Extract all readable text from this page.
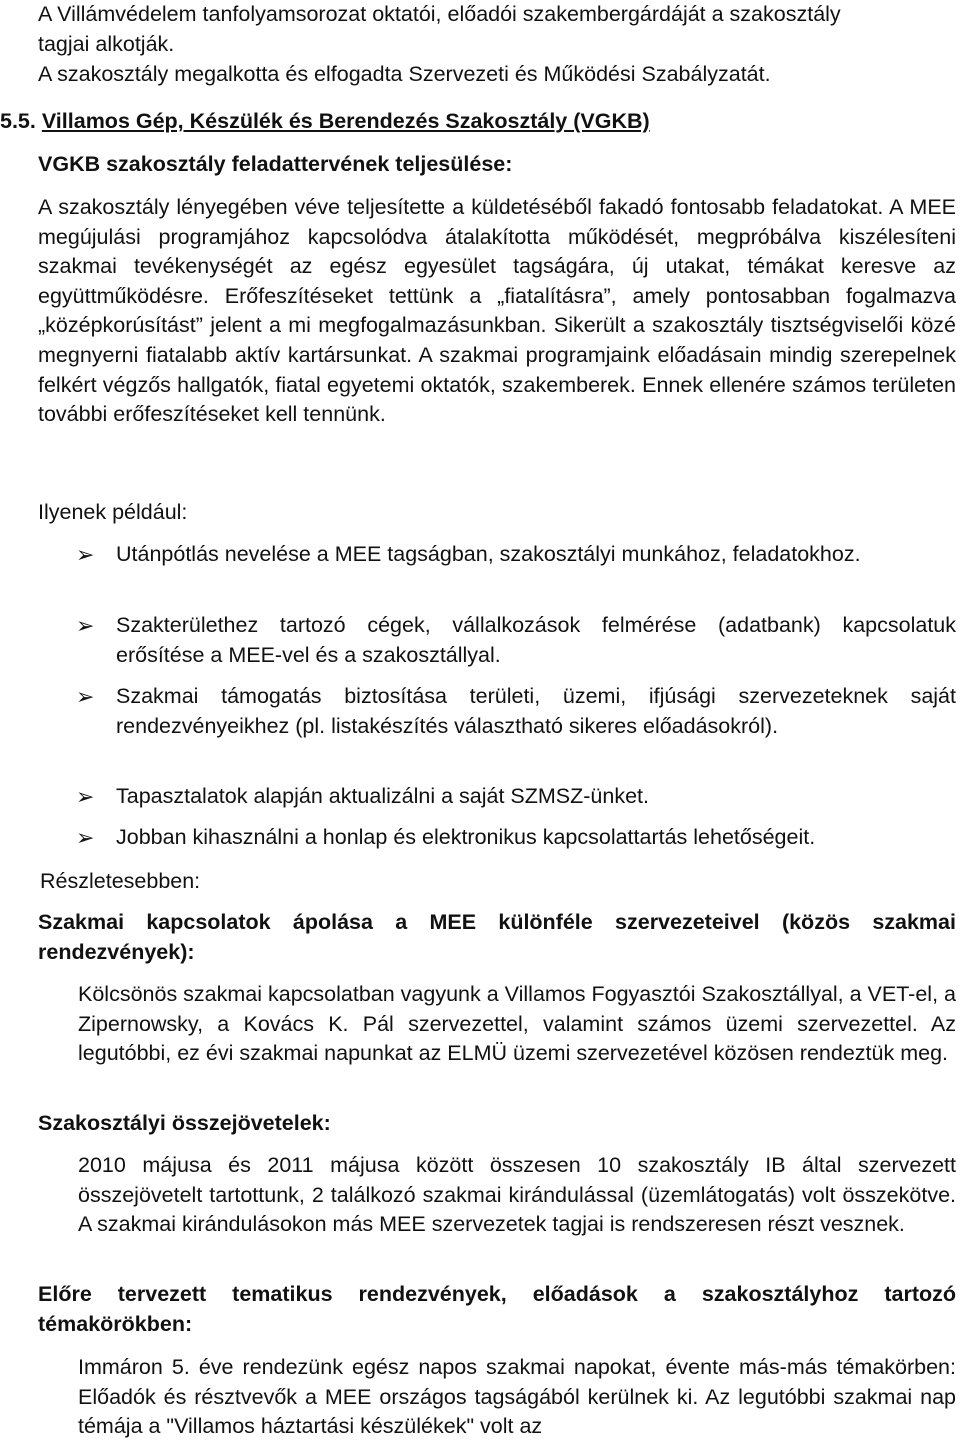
A Villámvédelem tanfolyamsorozat oktatói, előadói szakembergárdáját a szakosztály tagjai alkotják.

A szakosztály megalkotta és elfogadta Szervezeti és Működési Szabályzatát.

5.5. Villamos Gép, Készülék és Berendezés Szakosztály (VGKB)

VGKB szakosztály feladattervének teljesülése:

A szakosztály lényegében véve teljesítette a küldetéséből fakadó fontosabb feladatokat. A MEE megújulási programjához kapcsolódva átalakította működését, megpróbálva kiszélesíteni szakmai tevékenységét az egész egyesület tagságára, új utakat, témákat keresve az együttműködésre. Erőfeszítéseket tettünk a „fiatalításra”, amely pontosabban fogalmazva „középkorúsítást” jelent a mi megfogalmazásunkban. Sikerült a szakosztály tisztségviselői közé megnyerni fiatalabb aktív kartársunkat. A szakmai programjaink előadásain mindig szerepelnek felkért végzős hallgatók, fiatal egyetemi oktatók, szakemberek. Ennek ellenére számos területen további erőfeszítéseket kell tennünk.

Ilyenek például:

➢ Utánpótlás nevelése a MEE tagságban, szakosztályi munkához, feladatokhoz.
➢ Szakterülethez tartozó cégek, vállalkozások felmérése (adatbank) kapcsolatuk erősítése a MEE-vel és a szakosztállyal.
➢ Szakmai támogatás biztosítása területi, üzemi, ifjúsági szervezeteknek saját rendezvényeikhez (pl. listakészítés választható sikeres előadásokról).
➢ Tapasztalatok alapján aktualizálni a saját SZMSZ-ünket.
➢ Jobban kihasználni a honlap és elektronikus kapcsolattartás lehetőségeit.

Részletesebben:

Szakmai kapcsolatok ápolása a MEE különféle szervezeteivel (közös szakmai rendezvények):

Kölcsönös szakmai kapcsolatban vagyunk a Villamos Fogyasztói Szakosztállyal, a VET-el, a Zipernowsky, a Kovács K. Pál szervezettel, valamint számos üzemi szervezettel. Az legutóbbi, ez évi szakmai napunkat az ELMÜ üzemi szervezetével közösen rendeztük meg.

Szakosztályi összejövetelek:

2010 májusa és 2011 májusa között összesen 10 szakosztály IB által szervezett összejövetelt tartottunk, 2 találkozó szakmai kirándulással (üzemlátogatás) volt összekötve. A szakmai kirándulásokon más MEE szervezetek tagjai is rendszeresen részt vesznek.

Előre tervezett tematikus rendezvények, előadások a szakosztályhoz tartozó témakörökben:

Immáron 5. éve rendezünk egész napos szakmai napokat, évente más-más témakörben: Előadók és résztvevők a MEE országos tagságából kerülnek ki. Az legutóbbi szakmai nap témája a "Villamos háztartási készülékek" volt az
